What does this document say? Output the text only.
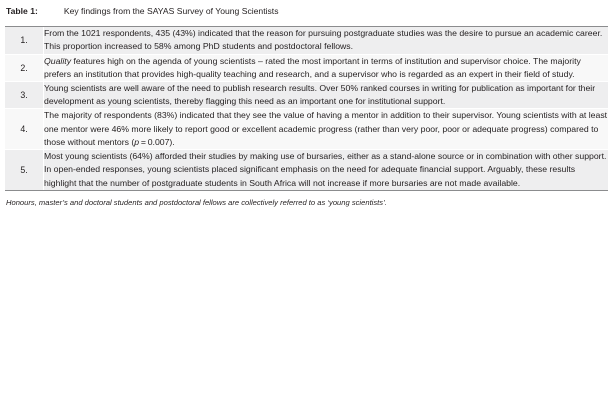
Table 1:	Key findings from the SAYAS Survey of Young Scientists
1.	From the 1021 respondents, 435 (43%) indicated that the reason for pursuing postgraduate studies was the desire to pursue an academic career. This proportion increased to 58% among PhD students and postdoctoral fellows.
2.	Quality features high on the agenda of young scientists – rated the most important in terms of institution and supervisor choice. The majority prefers an institution that provides high-quality teaching and research, and a supervisor who is regarded as an expert in their field of study.
3.	Young scientists are well aware of the need to publish research results. Over 50% ranked courses in writing for publication as important for their development as young scientists, thereby flagging this need as an important one for institutional support.
4.	The majority of respondents (83%) indicated that they see the value of having a mentor in addition to their supervisor. Young scientists with at least one mentor were 46% more likely to report good or excellent academic progress (rather than very poor, poor or adequate progress) compared to those without mentors (p = 0.007).
5.	Most young scientists (64%) afforded their studies by making use of bursaries, either as a stand-alone source or in combination with other support. In open-ended responses, young scientists placed significant emphasis on the need for adequate financial support. Arguably, these results highlight that the number of postgraduate students in South Africa will not increase if more bursaries are not made available.
Honours, master’s and doctoral students and postdoctoral fellows are collectively referred to as ‘young scientists’.
